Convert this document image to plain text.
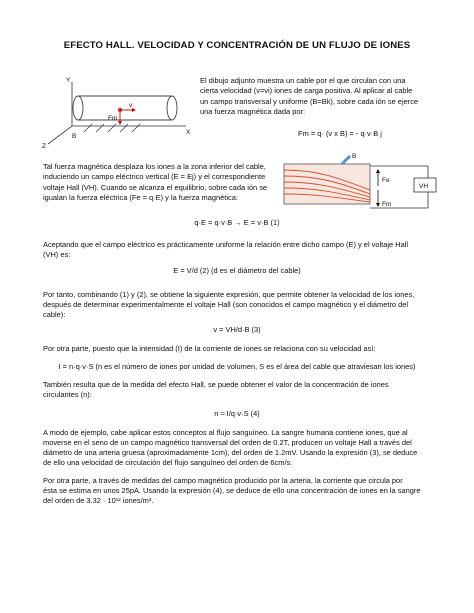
EFECTO HALL. VELOCIDAD Y CONCENTRACIÓN DE UN FLUJO DE IONES
Y
X
Z
v
Fm
B

El dibujo adjunto muestra un cable por el que circulan con una
cierta velocidad (v=vi) iones de carga positiva. Al aplicar al cable
un campo transversal y uniforme (B=Bk), sobre cada ión se ejerce
una fuerza magnética dada por:

Fm = q· (v x B) = - q·v·B j

B
Fe
Fm
VH

Tal fuerza magnética desplaza los iones a la zona inferior del cable,
induciendo un campo eléctrico vertical (E = Ej) y el correspondiente
voltaje Hall (VH). Cuando se alcanza el equilibrio, sobre cada ión se
igualan la fuerza eléctrica (Fe = q·E) y la fuerza magnética:

q·E = q·v·B → E = v·B (1)

Aceptando que el campo eléctrico es prácticamente uniforme la relación entre dicho campo (E) y el voltaje Hall
(VH) es:

E = V/d (2) (d es el diámetro del cable)

Por tanto, combinando (1) y (2), se obtiene la siguiente expresión, que permite obtener la velocidad de los iones,
después de determinar experimentalmente el voltaje Hall (son conocidos el campo magnético y el diámetro del
cable):

v = VH/d·B (3)

Por otra parte, puesto que la intensidad (I) de la corriente de iones se relaciona con su velocidad así:

I = n·q·v·S (n es el número de iones por unidad de volumen, S es el área del cable que atraviesan los iones)

También resulta que de la medida del efecto Hall, se puede obtener el valor de la concentración de iones
circulantes (n):

n ≈ I/q·v·S (4)

A modo de ejemplo, cabe aplicar estos conceptos al flujo sanguíneo. La sangre humana contiene iones, que al
moverse en el seno de un campo magnético transversal del orden de 0.2T, producen un voltaje Hall a través del
diámetro de una arteria gruesa (aproximadamente 1cm), del orden de 1.2mV. Usando la expresión (3), se deduce
de ello una velocidad de circulación del flujo sanguíneo del orden de 6cm/s.

Por otra parte, a través de medidas del campo magnético producido por la arteria, la corriente que circula por
ésta se estima en unos 25pA. Usando la expresión (4), se deduce de ello una concentración de iones en la sangre
del orden de 3.32 · 10¹² iones/m³.
